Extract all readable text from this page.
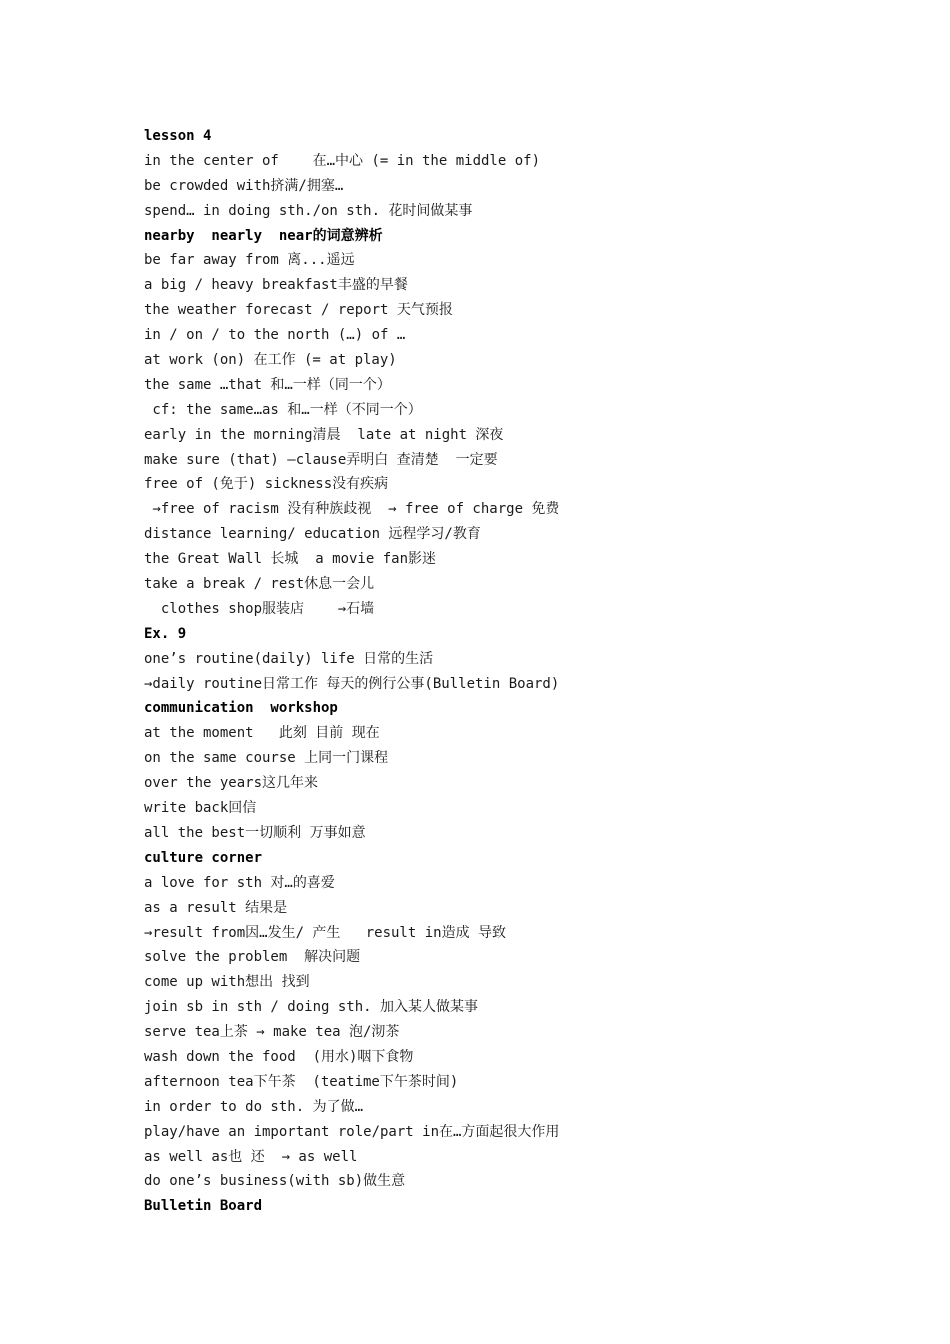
lesson 4
in the center of    在…中心 (= in the middle of)
be crowded with挤满/拥塞…
spend… in doing sth./on sth. 花时间做某事
nearby  nearly  near的词意辨析
be far away from 离...遥远
a big / heavy breakfast丰盛的早餐
the weather forecast / report 天气预报
in / on / to the north (…) of …
at work (on) 在工作 (= at play)
the same …that 和…一样（同一个）
cf: the same…as 和…一样（不同一个）
early in the morning清晨  late at night 深夜
make sure (that) –clause弄明白 查清楚  一定要
free of (免于) sickness没有疾病
→free of racism 没有种族歧视  → free of charge 免费
distance learning/ education 远程学习/教育
the Great Wall 长城  a movie fan影迷
take a break / rest休息一会儿
clothes shop服装店    →石墙
Ex. 9
one’s routine(daily) life 日常的生活
→daily routine日常工作 每天的例行公事(Bulletin Board)
communication  workshop
at the moment   此刻 目前 现在
on the same course 上同一门课程
over the years这几年来
write back回信
all the best一切顺利 万事如意
culture corner
a love for sth 对…的喜爱
as a result 结果是
→result from因…发生/ 产生   result in造成 导致
solve the problem  解决问题
come up with想出 找到
join sb in sth / doing sth. 加入某人做某事
serve tea上茶 → make tea 泡/沏茶
wash down the food  (用水)咽下食物
afternoon tea下午茶  (teatime下午茶时间)
in order to do sth. 为了做…
play/have an important role/part in在…方面起很大作用
as well as也 还  → as well
do one’s business(with sb)做生意
Bulletin Board
